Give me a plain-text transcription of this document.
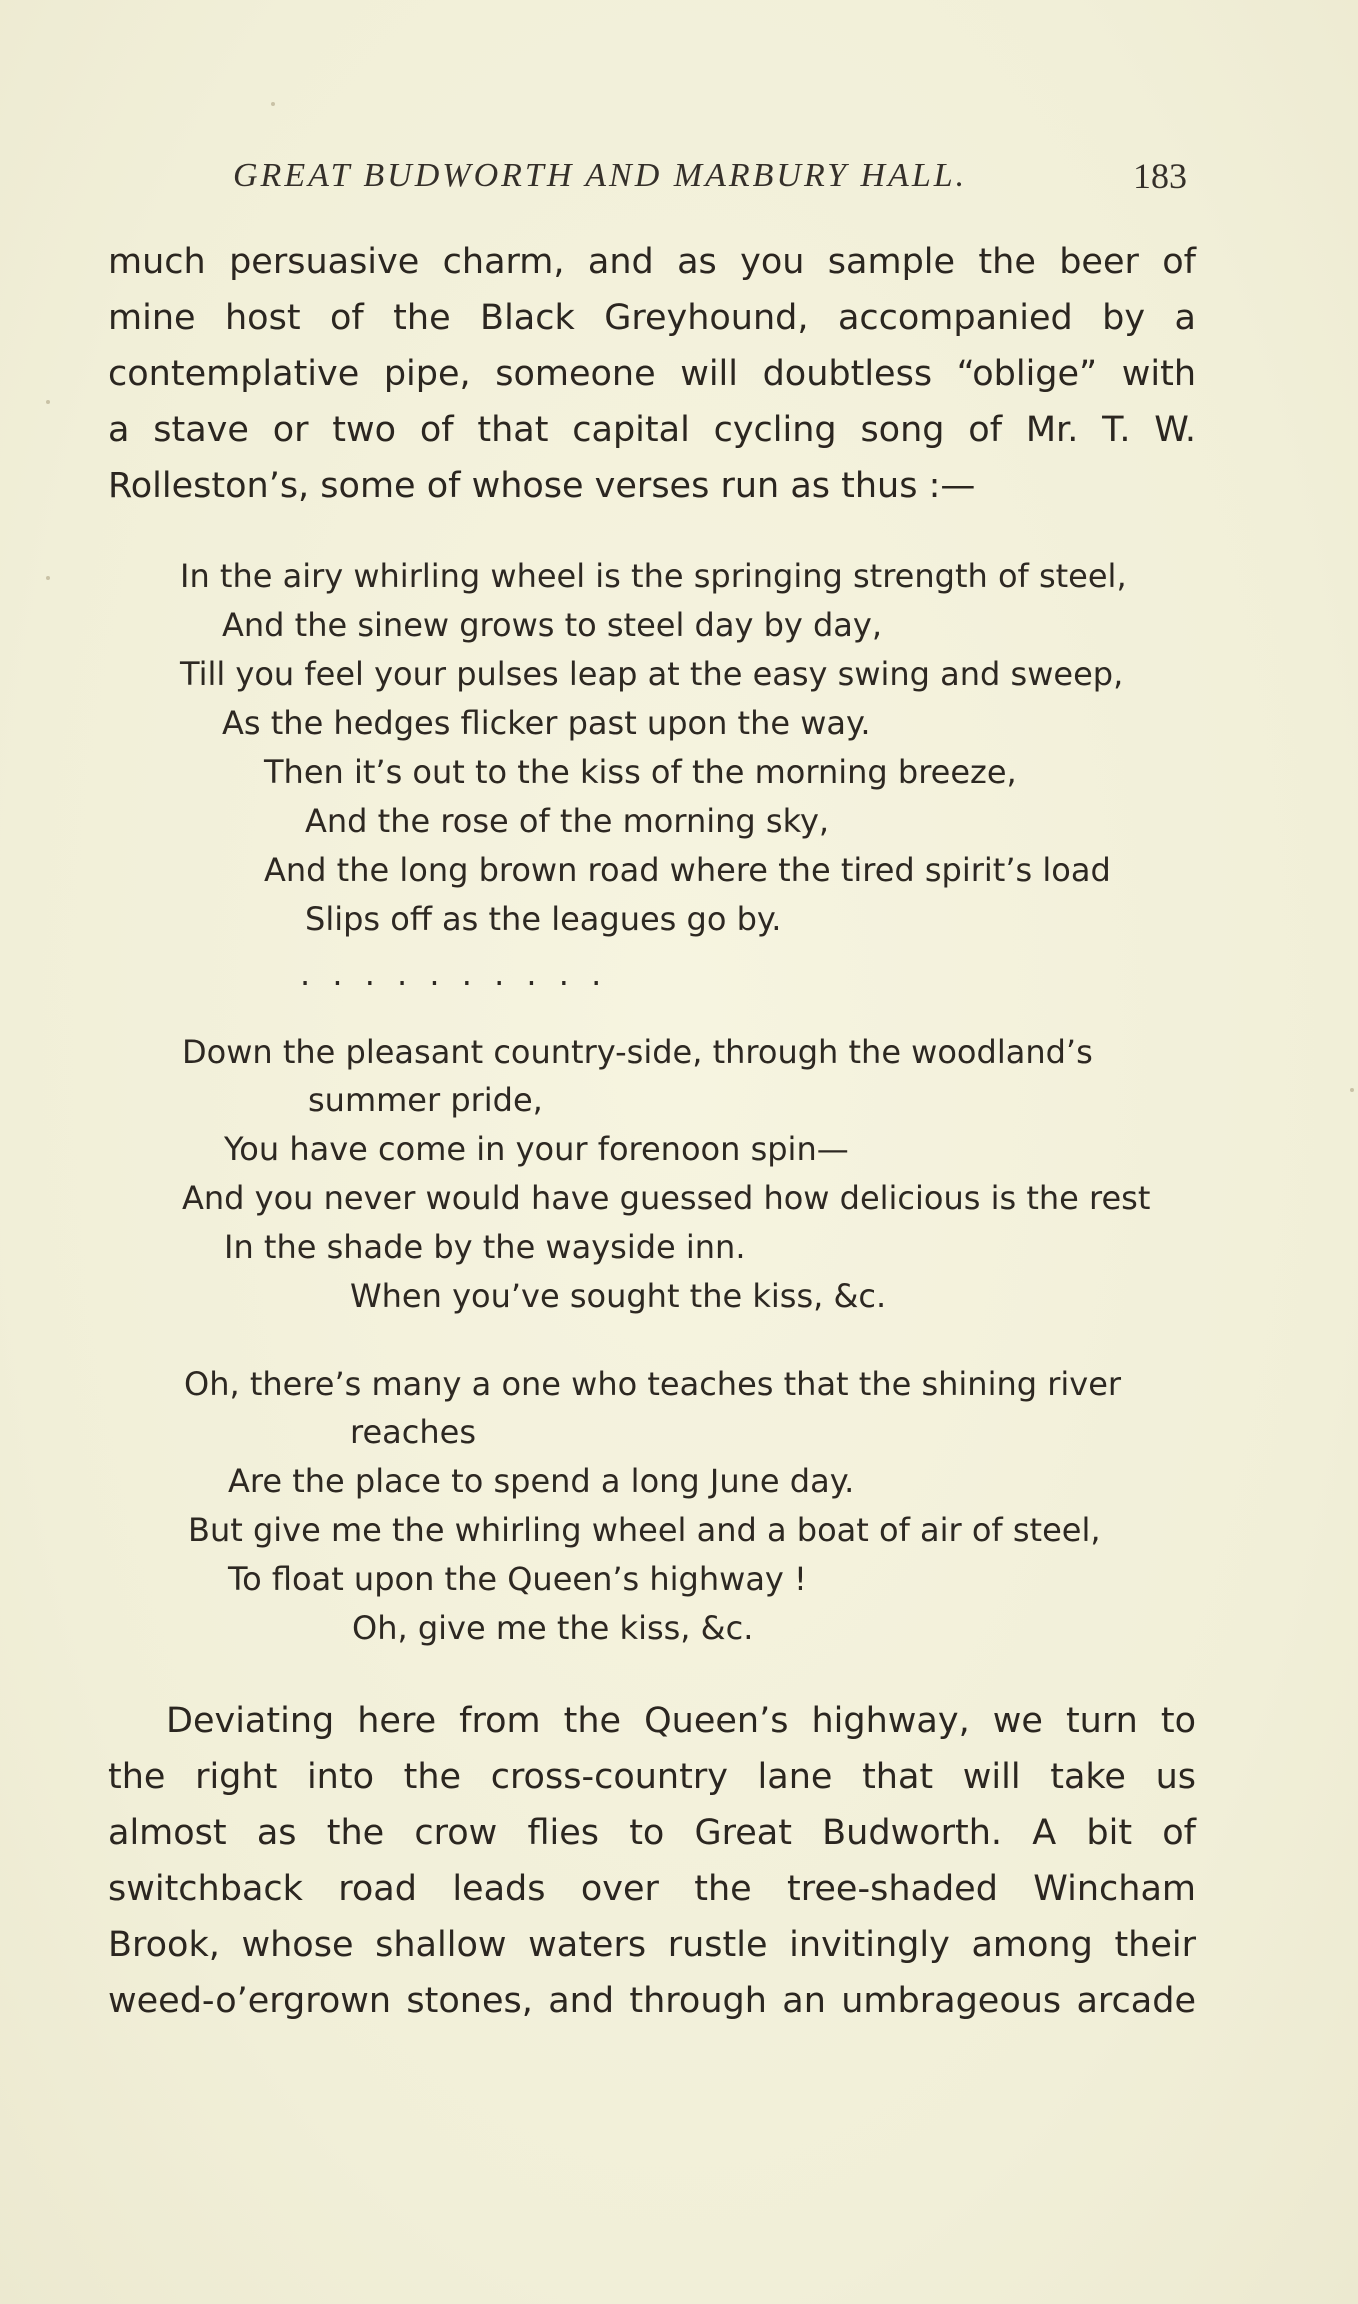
GREAT BUDWORTH AND MARBURY HALL.	183

much persuasive charm, and as you sample the beer of
mine host of the Black Greyhound, accompanied by a
contemplative pipe, someone will doubtless “oblige” with
a stave or two of that capital cycling song of Mr. T. W.
Rolleston’s, some of whose verses run as thus :—

In the airy whirling wheel is the springing strength of steel,
And the sinew grows to steel day by day,
Till you feel your pulses leap at the easy swing and sweep,
As the hedges flicker past upon the way.
Then it’s out to the kiss of the morning breeze,
And the rose of the morning sky,
And the long brown road where the tired spirit’s load
Slips off as the leagues go by.
. . . . . . . . . .
Down the pleasant country-side, through the woodland’s
summer pride,
You have come in your forenoon spin—
And you never would have guessed how delicious is the rest
In the shade by the wayside inn.
When you’ve sought the kiss, &c.
Oh, there’s many a one who teaches that the shining river
reaches
Are the place to spend a long June day.
But give me the whirling wheel and a boat of air of steel,
To float upon the Queen’s highway !
Oh, give me the kiss, &c.

Deviating here from the Queen’s highway, we turn to
the right into the cross-country lane that will take us
almost as the crow flies to Great Budworth. A bit of
switchback road leads over the tree-shaded Wincham
Brook, whose shallow waters rustle invitingly among their
weed-o’ergrown stones, and through an umbrageous arcade
